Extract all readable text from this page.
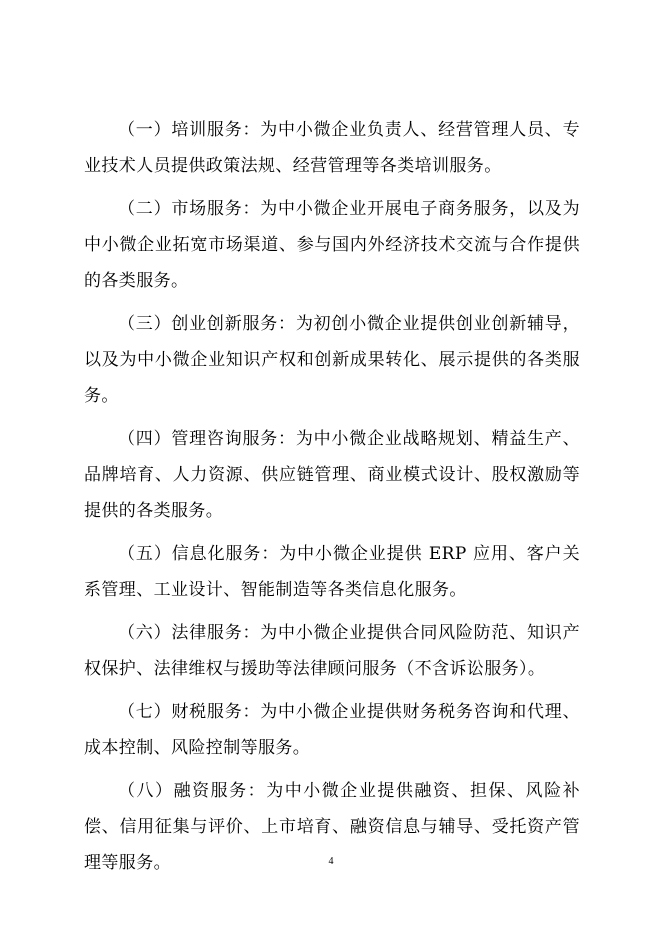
（一）培训服务：为中小微企业负责人、经营管理人员、专业技术人员提供政策法规、经营管理等各类培训服务。

（二）市场服务：为中小微企业开展电子商务服务，以及为中小微企业拓宽市场渠道、参与国内外经济技术交流与合作提供的各类服务。

（三）创业创新服务：为初创小微企业提供创业创新辅导，以及为中小微企业知识产权和创新成果转化、展示提供的各类服务。

（四）管理咨询服务：为中小微企业战略规划、精益生产、品牌培育、人力资源、供应链管理、商业模式设计、股权激励等提供的各类服务。

（五）信息化服务：为中小微企业提供 ERP 应用、客户关系管理、工业设计、智能制造等各类信息化服务。

（六）法律服务：为中小微企业提供合同风险防范、知识产权保护、法律维权与援助等法律顾问服务（不含诉讼服务）。

（七）财税服务：为中小微企业提供财务税务咨询和代理、成本控制、风险控制等服务。

（八）融资服务：为中小微企业提供融资、担保、风险补偿、信用征集与评价、上市培育、融资信息与辅导、受托资产管理等服务。	4
